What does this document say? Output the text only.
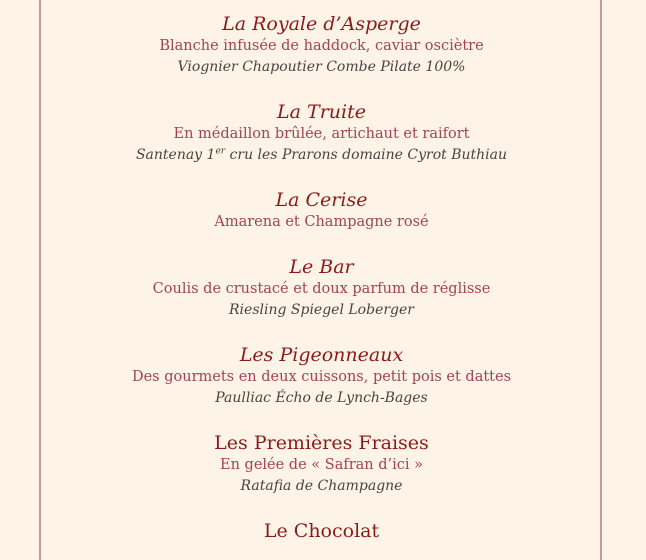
La Royale d’Asperge

Blanche infusée de haddock, caviar osciètre

Viognier Chapoutier Combe Pilate 100%

La Truite

En médaillon brûlée, artichaut et raifort

Santenay 1er cru les Prarons domaine Cyrot Buthiau

La Cerise

Amarena et Champagne rosé

Le Bar

Coulis de crustacé et doux parfum de réglisse

Riesling Spiegel Loberger

Les Pigeonneaux

Des gourmets en deux cuissons, petit pois et dattes

Paulliac Écho de Lynch-Bages

Les Premières Fraises

En gelée de « Safran d’ici »

Ratafia de Champagne

Le Chocolat
